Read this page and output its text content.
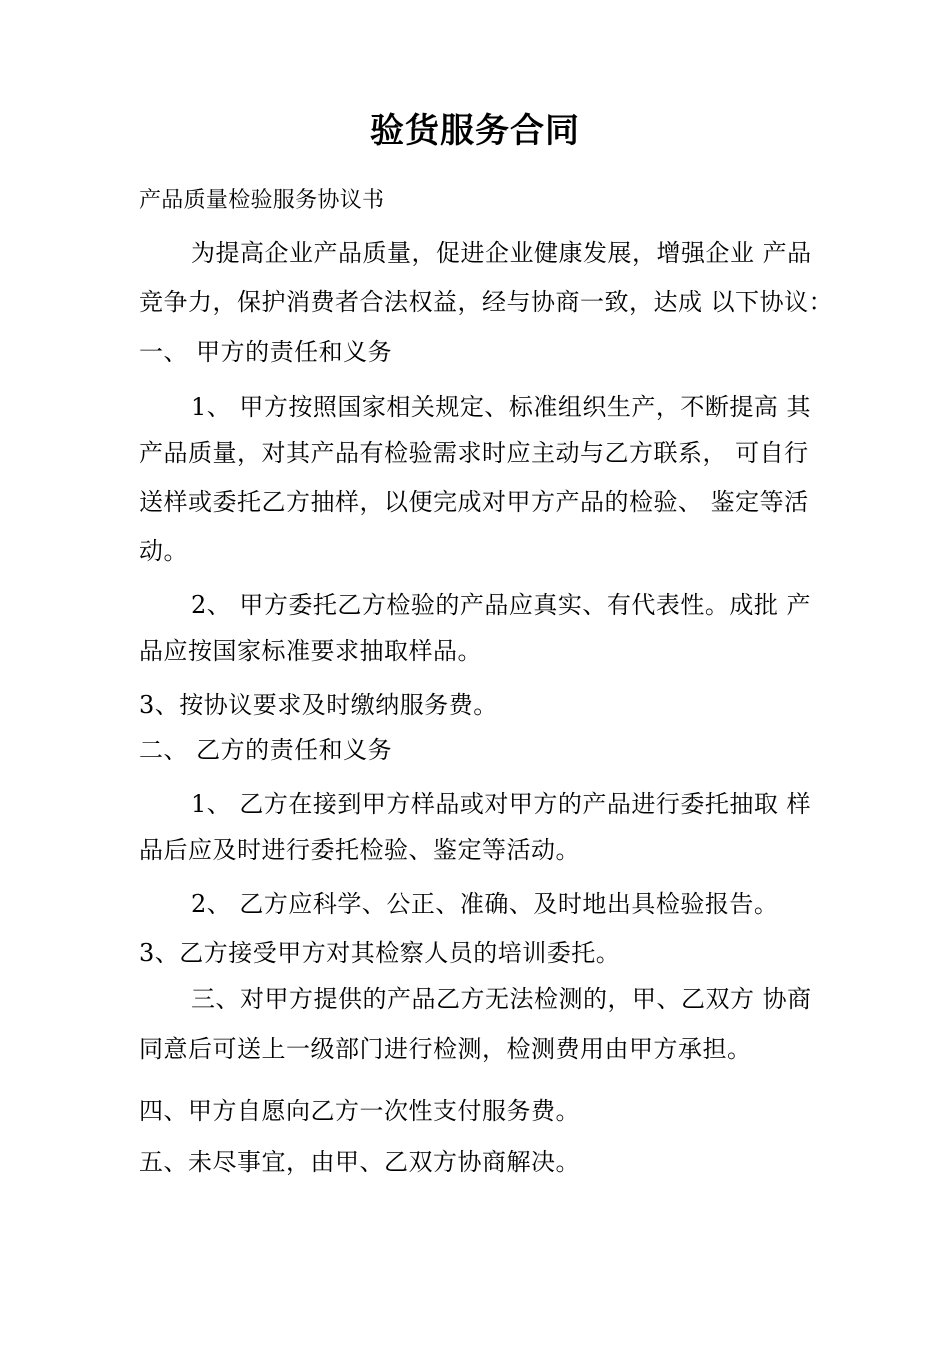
验货服务合同

产品质量检验服务协议书

为提高企业产品质量，促进企业健康发展，增强企业 产品

竞争力，保护消费者合法权益，经与协商一致，达成 以下协议：

一、 甲方的责任和义务

1、 甲方按照国家相关规定、标准组织生产，不断提高 其

产品质量，对其产品有检验需求时应主动与乙方联系， 可自行

送样或委托乙方抽样，以便完成对甲方产品的检验、 鉴定等活

动。

2、 甲方委托乙方检验的产品应真实、有代表性。成批 产

品应按国家标准要求抽取样品。

3、按协议要求及时缴纳服务费。

二、 乙方的责任和义务

1、 乙方在接到甲方样品或对甲方的产品进行委托抽取 样

品后应及时进行委托检验、鉴定等活动。

2、 乙方应科学、公正、准确、及时地出具检验报告。

3、乙方接受甲方对其检察人员的培训委托。

三、对甲方提供的产品乙方无法检测的，甲、乙双方 协商

同意后可送上一级部门进行检测，检测费用由甲方承担。

四、甲方自愿向乙方一次性支付服务费。

五、未尽事宜，由甲、乙双方协商解决。
